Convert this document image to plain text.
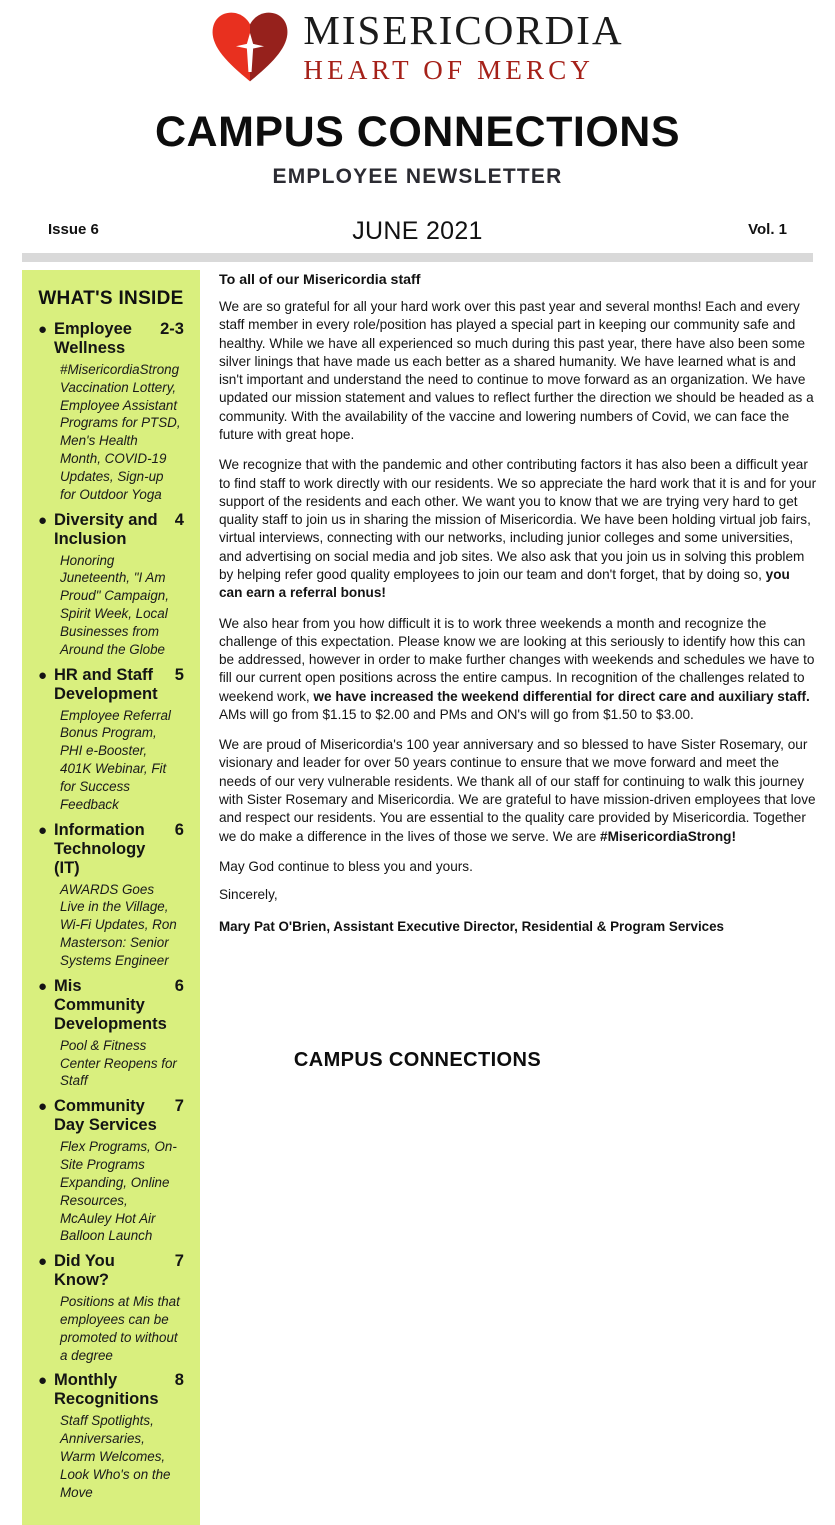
MISERICORDIA
HEART OF MERCY
CAMPUS CONNECTIONS
EMPLOYEE NEWSLETTER
Issue 6	JUNE 2021	Vol. 1
WHAT'S INSIDE
● Employee Wellness
2-3
#MisericordiaStrong Vaccination Lottery, Employee Assistant Programs for PTSD, Men's Health Month, COVID-19 Updates, Sign-up for Outdoor Yoga
● Diversity and Inclusion
4
Honoring Juneteenth, "I Am Proud" Campaign, Spirit Week, Local Businesses from Around the Globe
● HR and Staff Development
5
Employee Referral Bonus Program, PHI e-Booster, 401K Webinar, Fit for Success Feedback
● Information Technology (IT)
6
AWARDS Goes Live in the Village, Wi-Fi Updates, Ron Masterson: Senior Systems Engineer
● Mis Community Developments
6
Pool & Fitness Center Reopens for Staff
● Community Day Services
7
Flex Programs, On-Site Programs Expanding, Online Resources, McAuley Hot Air Balloon Launch
● Did You Know?
7
Positions at Mis that employees can be promoted to without a degree
● Monthly Recognitions
8
Staff Spotlights, Anniversaries, Warm Welcomes, Look Who's on the Move
To all of our Misericordia staff

We are so grateful for all your hard work over this past year and several months! Each and every staff member in every role/position has played a special part in keeping our community safe and healthy. While we have all experienced so much during this past year, there have also been some silver linings that have made us each better as a shared humanity. We have learned what is and isn't important and understand the need to continue to move forward as an organization. We have updated our mission statement and values to reflect further the direction we should be headed as a community. With the availability of the vaccine and lowering numbers of Covid, we can face the future with great hope.

We recognize that with the pandemic and other contributing factors it has also been a difficult year to find staff to work directly with our residents. We so appreciate the hard work that it is and for your support of the residents and each other. We want you to know that we are trying very hard to get quality staff to join us in sharing the mission of Misericordia. We have been holding virtual job fairs, virtual interviews, connecting with our networks, including junior colleges and some universities, and advertising on social media and job sites. We also ask that you join us in solving this problem by helping refer good quality employees to join our team and don't forget, that by doing so, you can earn a referral bonus!

We also hear from you how difficult it is to work three weekends a month and recognize the challenge of this expectation. Please know we are looking at this seriously to identify how this can be addressed, however in order to make further changes with weekends and schedules we have to fill our current open positions across the entire campus. In recognition of the challenges related to weekend work, we have increased the weekend differential for direct care and auxiliary staff. AMs will go from $1.15 to $2.00 and PMs and ON's will go from $1.50 to $3.00.

We are proud of Misericordia's 100 year anniversary and so blessed to have Sister Rosemary, our visionary and leader for over 50 years continue to ensure that we move forward and meet the needs of our very vulnerable residents. We thank all of our staff for continuing to walk this journey with Sister Rosemary and Misericordia. We are grateful to have mission-driven employees that love and respect our residents. You are essential to the quality care provided by Misericordia. Together we do make a difference in the lives of those we serve. We are #MisericordiaStrong!

May God continue to bless you and yours.

Sincerely,

Mary Pat O'Brien, Assistant Executive Director, Residential & Program Services
CAMPUS CONNECTIONS
